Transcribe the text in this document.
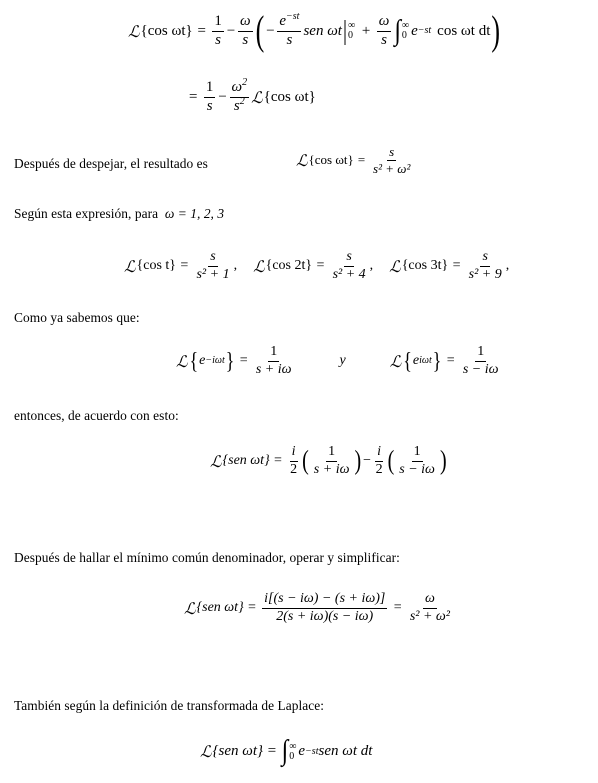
ℒ {cos $\omega t\} = \frac{1}{s} - \frac{\omega}{s}$ ( − $\frac{e^{-st}}{s}$ sen ωt | ∞
$0 + \frac{\omega}{s}$ ∫ ∞
0 e −st cos ωt dt )
= $\frac{1}{s} - \frac{\omega^2}{s^2}$ ℒ {cos ωt}
Después de despejar, el resultado es	ℒ {cos $\omega t\} = \frac{s}{\text{s² + ω²}}$
Según esta expresión, para ω = 1, 2, 3
ℒ {cos $t\} = \frac{s}{\text{s² + 1}}$ , ℒ {cos $2t\} = \frac{s}{\text{s² + 4}}$ , ℒ {cos $3t\} = \frac{s}{\text{s² + 9}}$ ,
Como ya sabemos que:
ℒ { e −iωt } = $\frac{1}{s + i\omega}$	y	ℒ { e iωt } = $\frac{1}{s - i\omega}$
entonces, de acuerdo con esto:
ℒ {sen $\omega t\} = \frac{i}{2}$ ( $\frac{1}{s + i\omega}$ ) − $\frac{i}{2}$ ( $\frac{1}{s - i\omega}$ )
Después de hallar el mínimo común denominador, operar y simplificar:
ℒ {sen $\omega t\} = \frac{i[(s - i\omega) - (s + i\omega)]}{2(s + i\omega)(s - i\omega)} = \frac{\omega}{\text{s² + ω²}}$
También según la definición de transformada de Laplace:
ℒ {sen ωt} = ∫ ∞
0 e −st sen ωt dt
